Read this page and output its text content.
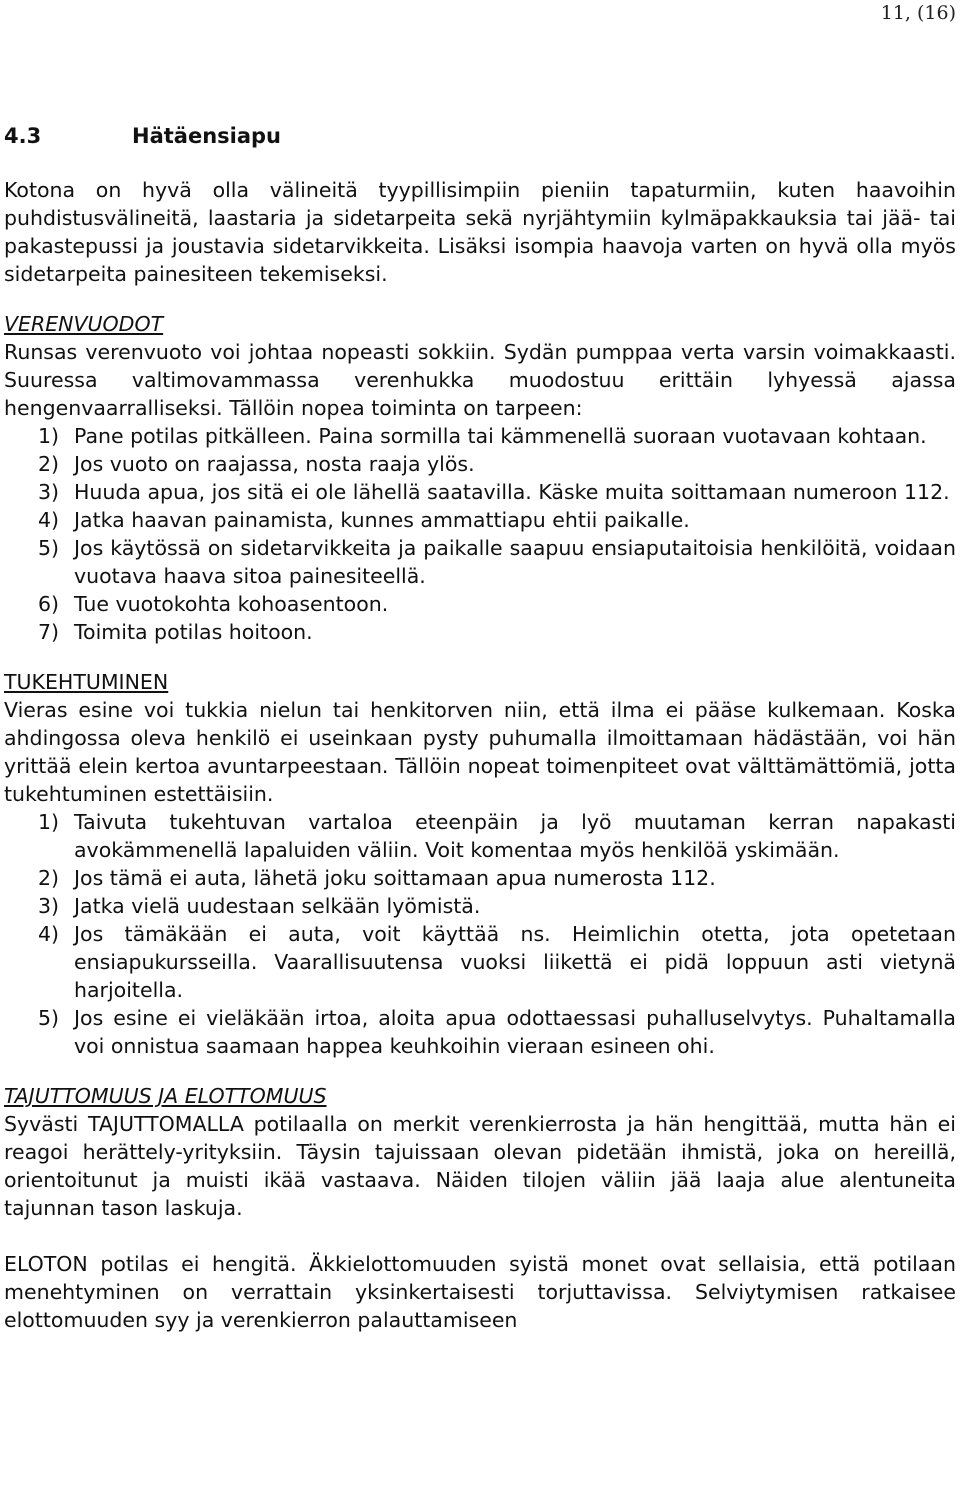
11, (16)
4.3	Hätäensiapu

Kotona on hyvä olla välineitä tyypillisimpiin pieniin tapaturmiin, kuten haavoihin puhdistusvälineitä, laastaria ja sidetarpeita sekä nyrjähtymiin kylmäpakkauksia tai jää- tai pakastepussi ja joustavia sidetarvikkeita. Lisäksi isompia haavoja varten on hyvä olla myös sidetarpeita painesiteen tekemiseksi.

VERENVUODOT

Runsas verenvuoto voi johtaa nopeasti sokkiin. Sydän pumppaa verta varsin voimakkaasti. Suuressa valtimovammassa verenhukka muodostuu erittäin lyhyessä ajassa hengenvaarralliseksi. Tällöin nopea toiminta on tarpeen:

1) Pane potilas pitkälleen. Paina sormilla tai kämmenellä suoraan vuotavaan kohtaan.
2) Jos vuoto on raajassa, nosta raaja ylös.
3) Huuda apua, jos sitä ei ole lähellä saatavilla. Käske muita soittamaan numeroon 112.
4) Jatka haavan painamista, kunnes ammattiapu ehtii paikalle.
5) Jos käytössä on sidetarvikkeita ja paikalle saapuu ensiaputaitoisia henkilöitä, voidaan vuotava haava sitoa painesiteellä.
6) Tue vuotokohta kohoasentoon.
7) Toimita potilas hoitoon.
TUKEHTUMINEN

Vieras esine voi tukkia nielun tai henkitorven niin, että ilma ei pääse kulkemaan. Koska ahdingossa oleva henkilö ei useinkaan pysty puhumalla ilmoittamaan hädästään, voi hän yrittää elein kertoa avuntarpeestaan. Tällöin nopeat toimenpiteet ovat välttämättömiä, jotta tukehtuminen estettäisiin.

1) Taivuta tukehtuvan vartaloa eteenpäin ja lyö muutaman kerran napakasti avokämmenellä lapaluiden väliin. Voit komentaa myös henkilöä yskimään.
2) Jos tämä ei auta, lähetä joku soittamaan apua numerosta 112.
3) Jatka vielä uudestaan selkään lyömistä.
4) Jos tämäkään ei auta, voit käyttää ns. Heimlichin otetta, jota opetetaan ensiapukursseilla. Vaarallisuutensa vuoksi liikettä ei pidä loppuun asti vietynä harjoitella.
5) Jos esine ei vieläkään irtoa, aloita apua odottaessasi puhalluselvytys. Puhaltamalla voi onnistua saamaan happea keuhkoihin vieraan esineen ohi.
TAJUTTOMUUS JA ELOTTOMUUS

Syvästi TAJUTTOMALLA potilaalla on merkit verenkierrosta ja hän hengittää, mutta hän ei reagoi herättely-yrityksiin. Täysin tajuissaan olevan pidetään ihmistä, joka on hereillä, orientoitunut ja muisti ikää vastaava. Näiden tilojen väliin jää laaja alue alentuneita tajunnan tason laskuja.

ELOTON potilas ei hengitä. Äkkielottomuuden syistä monet ovat sellaisia, että potilaan menehtyminen on verrattain yksinkertaisesti torjuttavissa. Selviytymisen ratkaisee elottomuuden syy ja verenkierron palauttamiseen
